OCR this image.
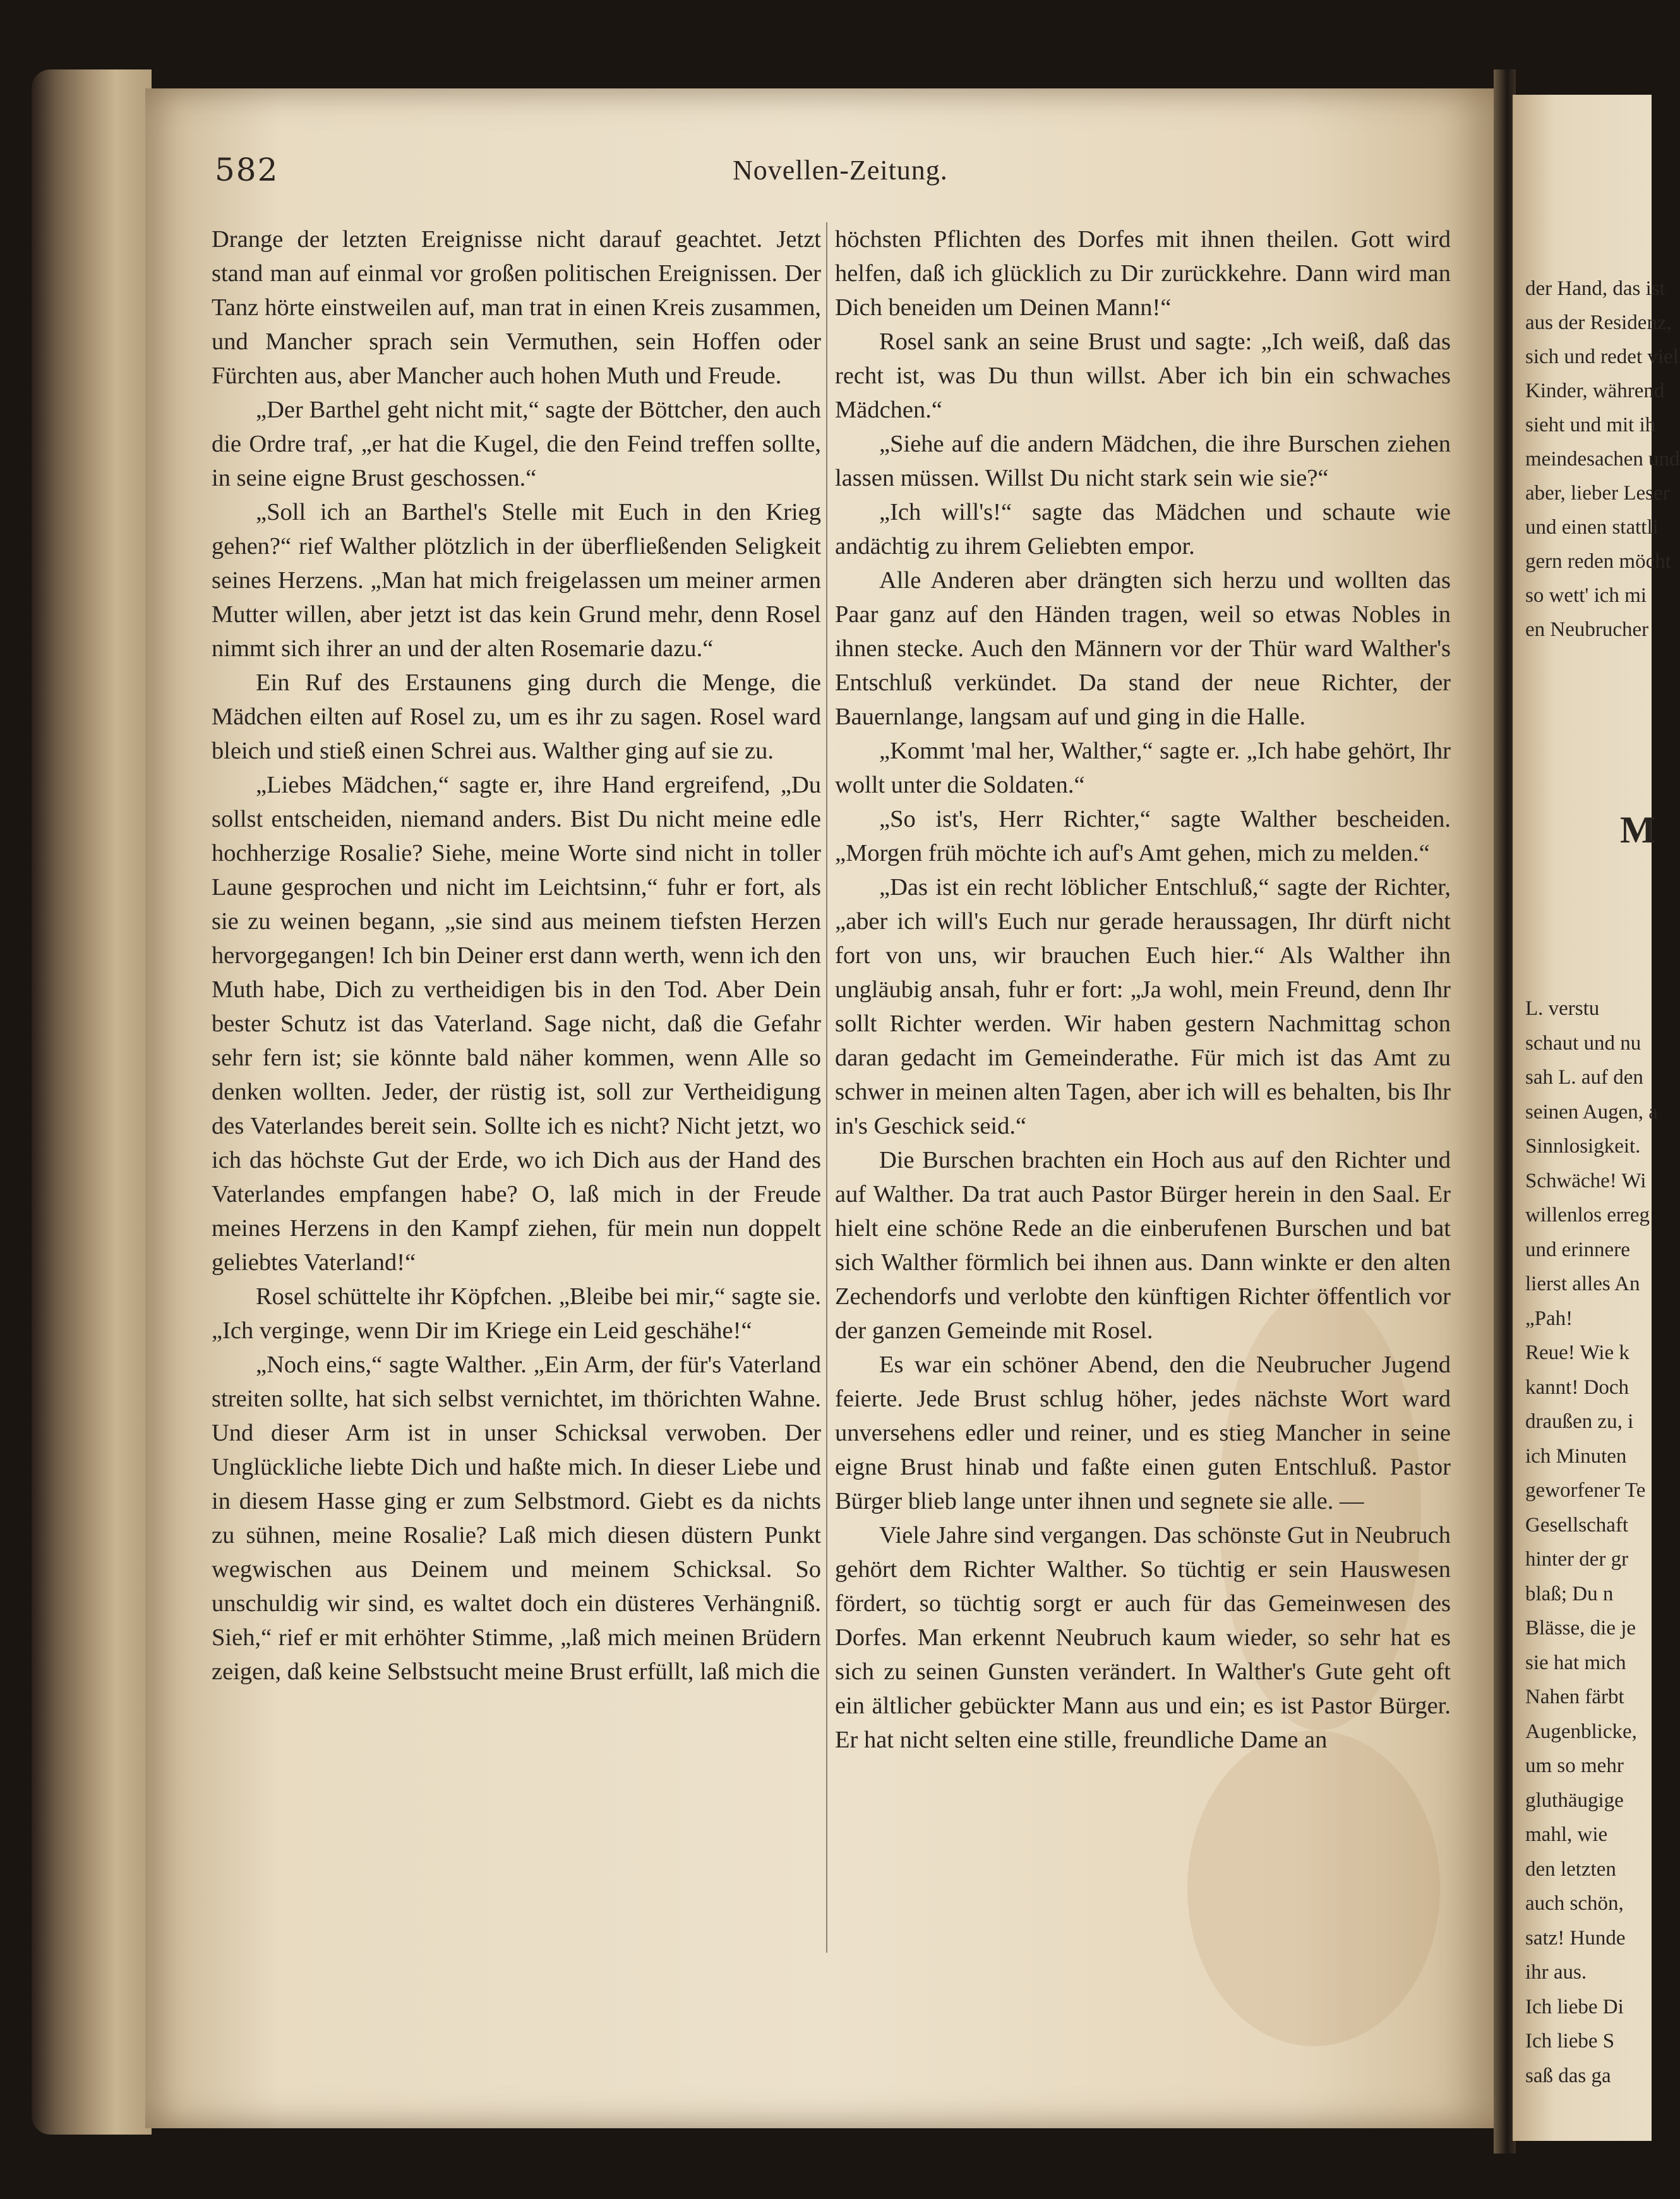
582	Novellen-Zeitung.

Drange der letzten Ereignisse nicht darauf geachtet. Jetzt stand man auf einmal vor großen politischen Ereignissen. Der Tanz hörte einstweilen auf, man trat in einen Kreis zusammen, und Mancher sprach sein Vermuthen, sein Hoffen oder Fürchten aus, aber Mancher auch hohen Muth und Freude.

„Der Barthel geht nicht mit,“ sagte der Böttcher, den auch die Ordre traf, „er hat die Kugel, die den Feind treffen sollte, in seine eigne Brust geschossen.“

„Soll ich an Barthel's Stelle mit Euch in den Krieg gehen?“ rief Walther plötzlich in der überfließenden Seligkeit seines Herzens. „Man hat mich freigelassen um meiner armen Mutter willen, aber jetzt ist das kein Grund mehr, denn Rosel nimmt sich ihrer an und der alten Rosemarie dazu.“

Ein Ruf des Erstaunens ging durch die Menge, die Mädchen eilten auf Rosel zu, um es ihr zu sagen. Rosel ward bleich und stieß einen Schrei aus. Walther ging auf sie zu.

„Liebes Mädchen,“ sagte er, ihre Hand ergreifend, „Du sollst entscheiden, niemand anders. Bist Du nicht meine edle hochherzige Rosalie? Siehe, meine Worte sind nicht in toller Laune gesprochen und nicht im Leichtsinn,“ fuhr er fort, als sie zu weinen begann, „sie sind aus meinem tiefsten Herzen hervorgegangen! Ich bin Deiner erst dann werth, wenn ich den Muth habe, Dich zu vertheidigen bis in den Tod. Aber Dein bester Schutz ist das Vaterland. Sage nicht, daß die Gefahr sehr fern ist; sie könnte bald näher kommen, wenn Alle so denken wollten. Jeder, der rüstig ist, soll zur Vertheidigung des Vaterlandes bereit sein. Sollte ich es nicht? Nicht jetzt, wo ich das höchste Gut der Erde, wo ich Dich aus der Hand des Vaterlandes empfangen habe? O, laß mich in der Freude meines Herzens in den Kampf ziehen, für mein nun doppelt geliebtes Vaterland!“

Rosel schüttelte ihr Köpfchen. „Bleibe bei mir,“ sagte sie. „Ich verginge, wenn Dir im Kriege ein Leid geschähe!“

„Noch eins,“ sagte Walther. „Ein Arm, der für's Vaterland streiten sollte, hat sich selbst vernichtet, im thörichten Wahne. Und dieser Arm ist in unser Schicksal verwoben. Der Unglückliche liebte Dich und haßte mich. In dieser Liebe und in diesem Hasse ging er zum Selbstmord. Giebt es da nichts zu sühnen, meine Rosalie? Laß mich diesen düstern Punkt wegwischen aus Deinem und meinem Schicksal. So unschuldig wir sind, es waltet doch ein düsteres Verhängniß. Sieh,“ rief er mit erhöhter Stimme, „laß mich meinen Brüdern zeigen, daß keine Selbstsucht meine Brust erfüllt, laß mich die

höchsten Pflichten des Dorfes mit ihnen theilen. Gott wird helfen, daß ich glücklich zu Dir zurückkehre. Dann wird man Dich beneiden um Deinen Mann!“

Rosel sank an seine Brust und sagte: „Ich weiß, daß das recht ist, was Du thun willst. Aber ich bin ein schwaches Mädchen.“

„Siehe auf die andern Mädchen, die ihre Burschen ziehen lassen müssen. Willst Du nicht stark sein wie sie?“

„Ich will's!“ sagte das Mädchen und schaute wie andächtig zu ihrem Geliebten empor.

Alle Anderen aber drängten sich herzu und wollten das Paar ganz auf den Händen tragen, weil so etwas Nobles in ihnen stecke. Auch den Männern vor der Thür ward Walther's Entschluß verkündet. Da stand der neue Richter, der Bauernlange, langsam auf und ging in die Halle.

„Kommt 'mal her, Walther,“ sagte er. „Ich habe gehört, Ihr wollt unter die Soldaten.“

„So ist's, Herr Richter,“ sagte Walther bescheiden. „Morgen früh möchte ich auf's Amt gehen, mich zu melden.“

„Das ist ein recht löblicher Entschluß,“ sagte der Richter, „aber ich will's Euch nur gerade heraussagen, Ihr dürft nicht fort von uns, wir brauchen Euch hier.“ Als Walther ihn ungläubig ansah, fuhr er fort: „Ja wohl, mein Freund, denn Ihr sollt Richter werden. Wir haben gestern Nachmittag schon daran gedacht im Gemeinderathe. Für mich ist das Amt zu schwer in meinen alten Tagen, aber ich will es behalten, bis Ihr in's Geschick seid.“

Die Burschen brachten ein Hoch aus auf den Richter und auf Walther. Da trat auch Pastor Bürger herein in den Saal. Er hielt eine schöne Rede an die einberufenen Burschen und bat sich Walther förmlich bei ihnen aus. Dann winkte er den alten Zechendorfs und verlobte den künftigen Richter öffentlich vor der ganzen Gemeinde mit Rosel.

Es war ein schöner Abend, den die Neubrucher Jugend feierte. Jede Brust schlug höher, jedes nächste Wort ward unversehens edler und reiner, und es stieg Mancher in seine eigne Brust hinab und faßte einen guten Entschluß. Pastor Bürger blieb lange unter ihnen und segnete sie alle. —

Viele Jahre sind vergangen. Das schönste Gut in Neubruch gehört dem Richter Walther. So tüchtig er sein Hauswesen fördert, so tüchtig sorgt er auch für das Gemeinwesen des Dorfes. Man erkennt Neubruch kaum wieder, so sehr hat es sich zu seinen Gunsten verändert. In Walther's Gute geht oft ein ältlicher gebückter Mann aus und ein; es ist Pastor Bürger. Er hat nicht selten eine stille, freundliche Dame an

der Hand, das ist
aus der Residenz,
sich und redet viel
Kinder, während
sieht und mit ih
meindesachen und
aber, lieber Leser
und einen stattli
gern reden möcht
so wett' ich mi
en Neubrucher
M
L. verstu
schaut und nu
sah L. auf den
seinen Augen, a
Sinnlosigkeit.
Schwäche! Wi
willenlos erreg
und erinnere
lierst alles An
„Pah!
Reue! Wie k
kannt! Doch
draußen zu, i
ich Minuten
geworfener Te
Gesellschaft
hinter der gr
blaß; Du n
Blässe, die je
sie hat mich
Nahen färbt
Augenblicke,
um so mehr
gluthäugige
mahl, wie
den letzten
auch schön,
satz! Hunde
ihr aus.
Ich liebe Di
Ich liebe S
saß das ga
